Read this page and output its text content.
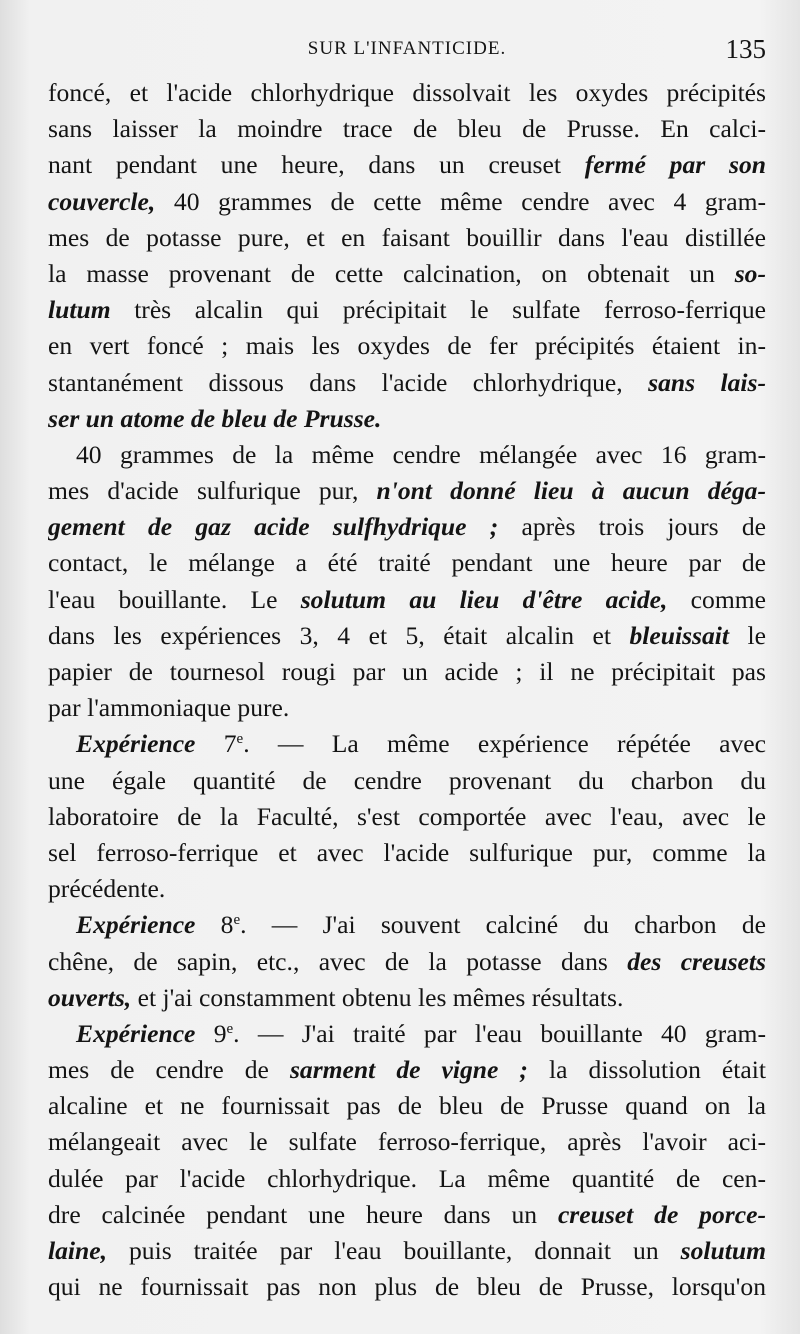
SUR L'INFANTICIDE.	135
foncé, et l'acide chlorhydrique dissolvait les oxydes précipités
sans laisser la moindre trace de bleu de Prusse. En calci-
nant pendant une heure, dans un creuset fermé par son
couvercle, 40 grammes de cette même cendre avec 4 gram-
mes de potasse pure, et en faisant bouillir dans l'eau distillée
la masse provenant de cette calcination, on obtenait un so-
lutum très alcalin qui précipitait le sulfate ferroso-ferrique
en vert foncé ; mais les oxydes de fer précipités étaient in-
stantanément dissous dans l'acide chlorhydrique, sans lais-
ser un atome de bleu de Prusse.
40 grammes de la même cendre mélangée avec 16 gram-
mes d'acide sulfurique pur, n'ont donné lieu à aucun déga-
gement de gaz acide sulfhydrique ; après trois jours de
contact, le mélange a été traité pendant une heure par de
l'eau bouillante. Le solutum au lieu d'être acide, comme
dans les expériences 3, 4 et 5, était alcalin et bleuissait le
papier de tournesol rougi par un acide ; il ne précipitait pas
par l'ammoniaque pure.
Expérience 7e. — La même expérience répétée avec
une égale quantité de cendre provenant du charbon du
laboratoire de la Faculté, s'est comportée avec l'eau, avec le
sel ferroso-ferrique et avec l'acide sulfurique pur, comme la
précédente.
Expérience 8e. — J'ai souvent calciné du charbon de
chêne, de sapin, etc., avec de la potasse dans des creusets
ouverts, et j'ai constamment obtenu les mêmes résultats.
Expérience 9e. — J'ai traité par l'eau bouillante 40 gram-
mes de cendre de sarment de vigne ; la dissolution était
alcaline et ne fournissait pas de bleu de Prusse quand on la
mélangeait avec le sulfate ferroso-ferrique, après l'avoir aci-
dulée par l'acide chlorhydrique. La même quantité de cen-
dre calcinée pendant une heure dans un creuset de porce-
laine, puis traitée par l'eau bouillante, donnait un solutum
qui ne fournissait pas non plus de bleu de Prusse, lorsqu'on
